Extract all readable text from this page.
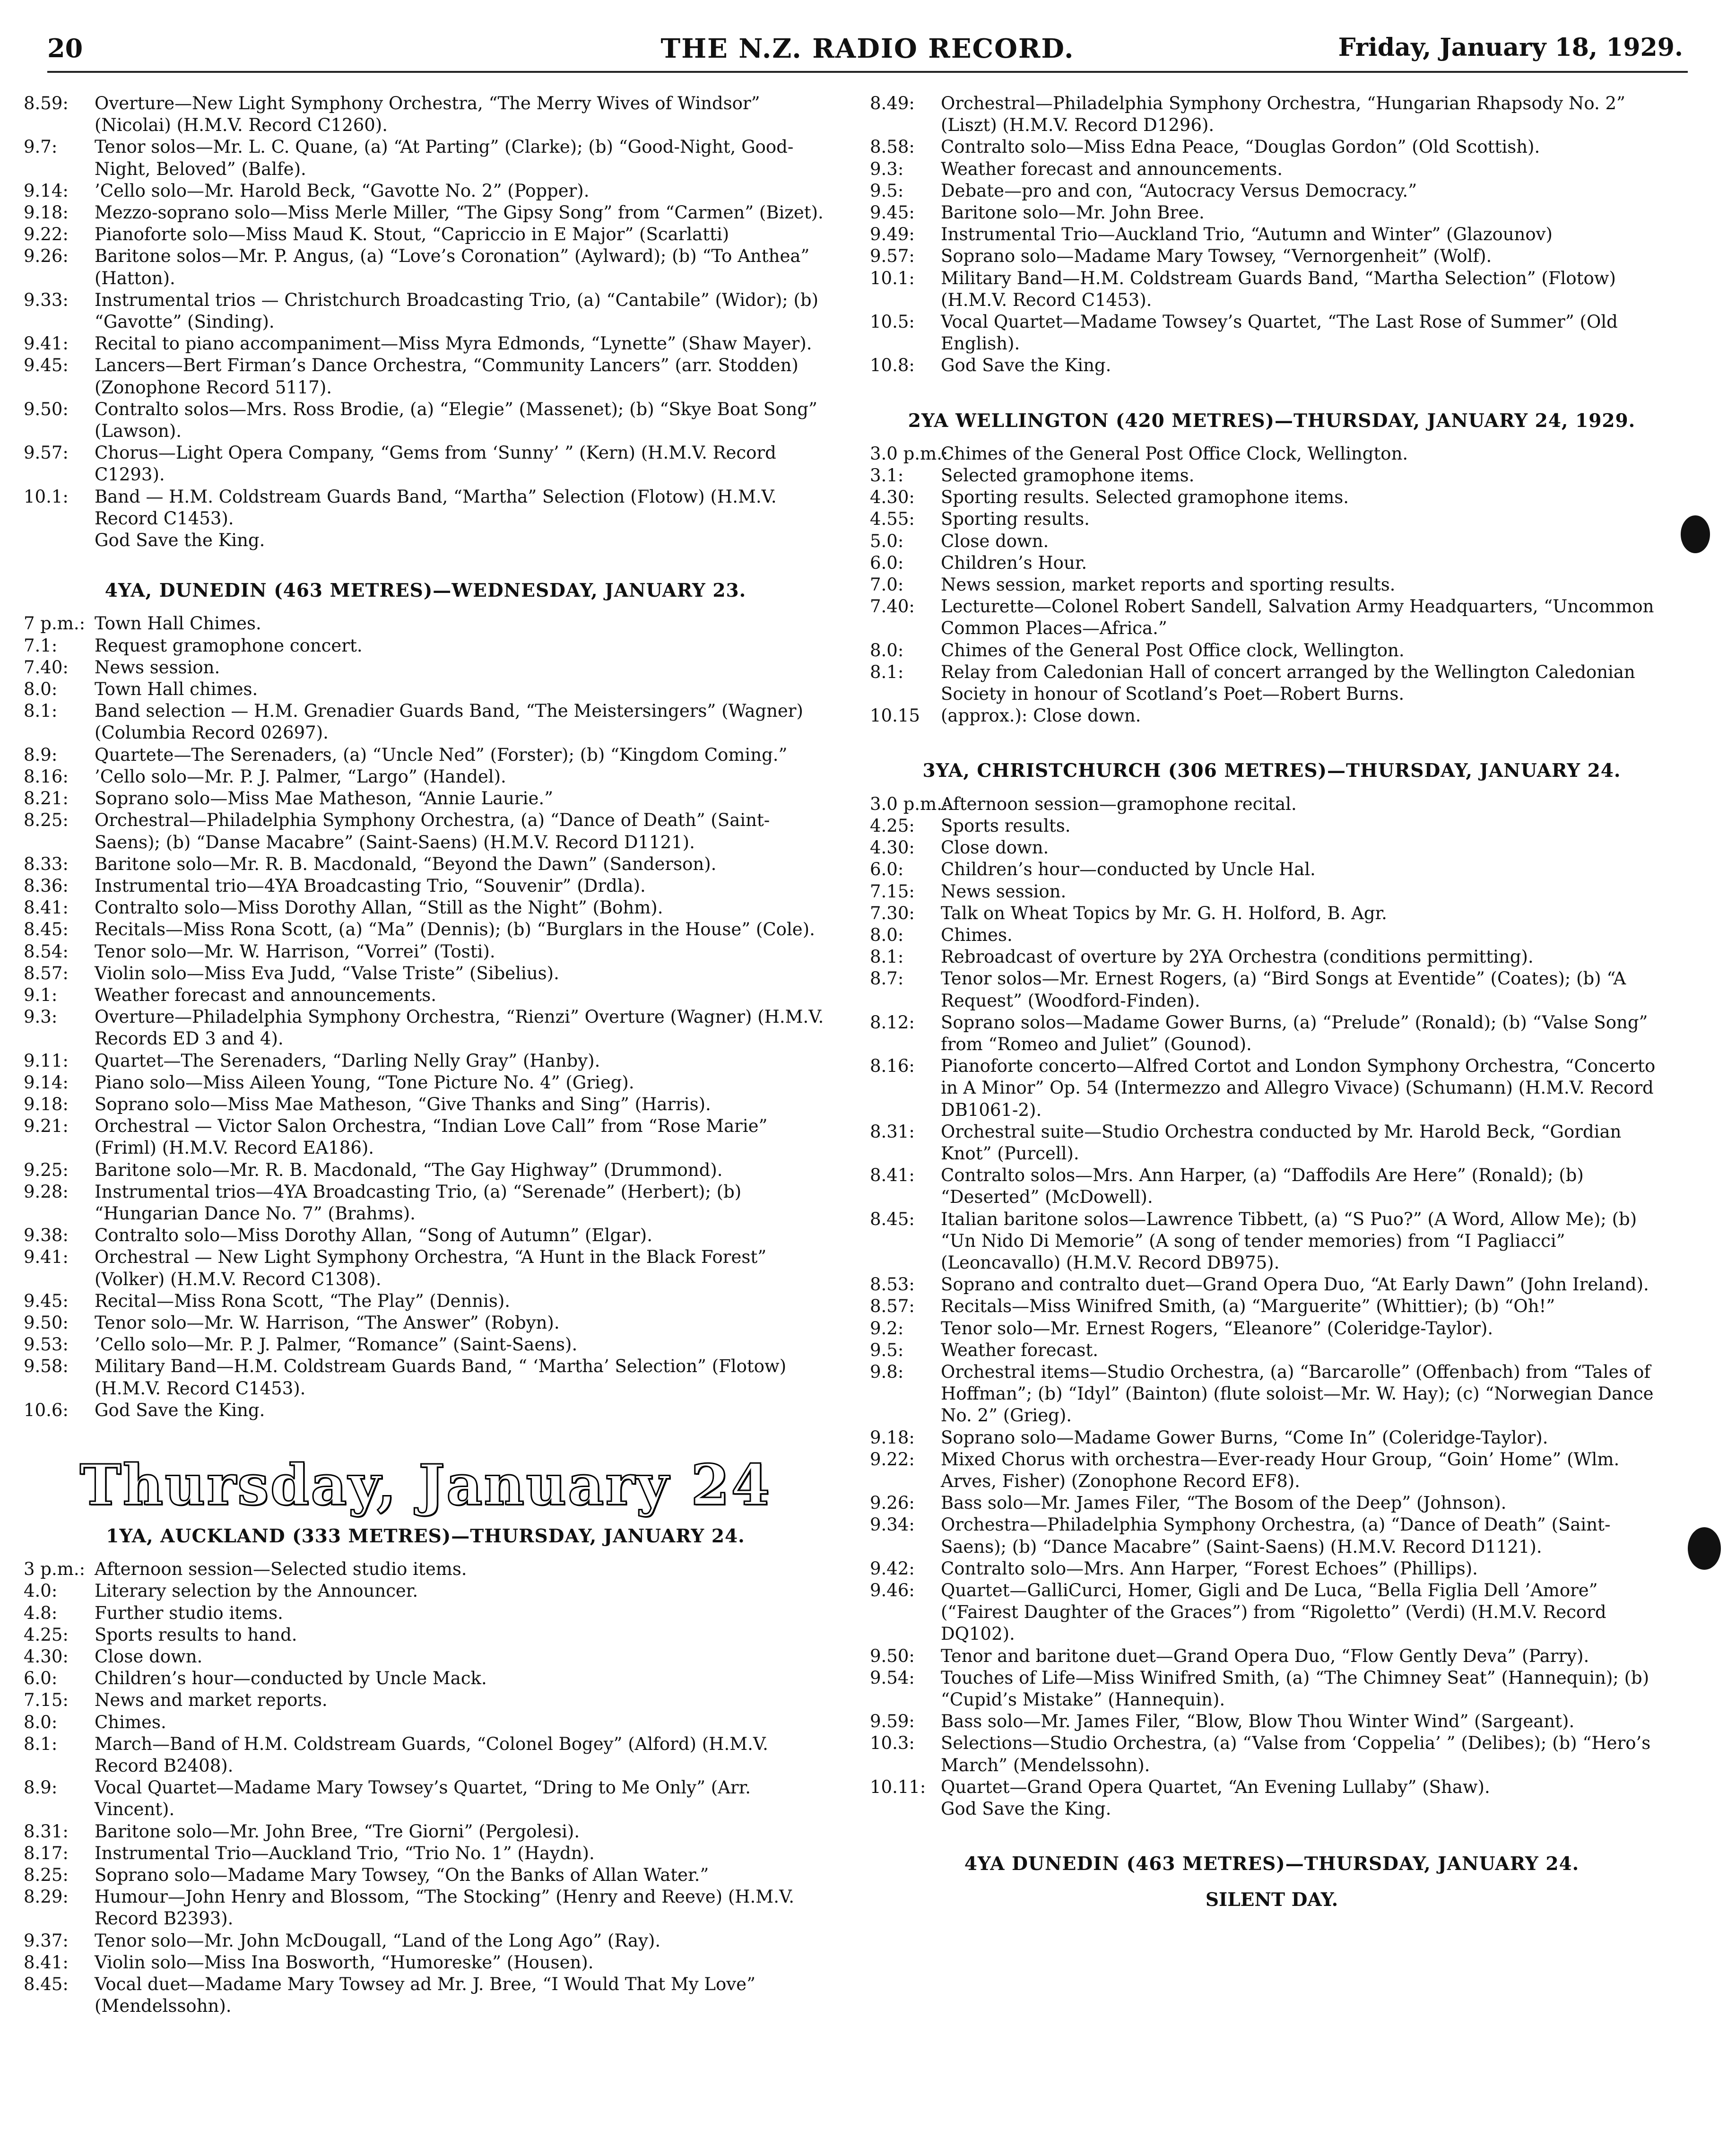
20	THE N.Z. RADIO RECORD.	Friday, January 18, 1929.
8.59: Overture—New Light Symphony Orchestra, “The Merry Wives of Windsor” (Nicolai) (H.M.V. Record C1260).
9.7: Tenor solos—Mr. L. C. Quane, (a) “At Parting” (Clarke); (b) “Good-Night, Good-Night, Beloved” (Balfe).
9.14: ’Cello solo—Mr. Harold Beck, “Gavotte No. 2” (Popper).
9.18: Mezzo-soprano solo—Miss Merle Miller, “The Gipsy Song” from “Carmen” (Bizet).
9.22: Pianoforte solo—Miss Maud K. Stout, “Capriccio in E Major” (Scarlatti)
9.26: Baritone solos—Mr. P. Angus, (a) “Love’s Coronation” (Aylward); (b) “To Anthea” (Hatton).
9.33: Instrumental trios — Christchurch Broadcasting Trio, (a) “Cantabile” (Widor); (b) “Gavotte” (Sinding).
9.41: Recital to piano accompaniment—Miss Myra Edmonds, “Lynette” (Shaw Mayer).
9.45: Lancers—Bert Firman’s Dance Orchestra, “Community Lancers” (arr. Stodden) (Zonophone Record 5117).
9.50: Contralto solos—Mrs. Ross Brodie, (a) “Elegie” (Massenet); (b) “Skye Boat Song” (Lawson).
9.57: Chorus—Light Opera Company, “Gems from ‘Sunny’ ” (Kern) (H.M.V. Record C1293).
10.1: Band — H.M. Coldstream Guards Band, “Martha” Selection (Flotow) (H.M.V. Record C1453).
God Save the King.
4YA, DUNEDIN (463 METRES)—WEDNESDAY, JANUARY 23.
7 p.m.: Town Hall Chimes.
7.1: Request gramophone concert.
7.40: News session.
8.0: Town Hall chimes.
8.1: Band selection — H.M. Grenadier Guards Band, “The Meistersingers” (Wagner) (Columbia Record 02697).
8.9: Quartete—The Serenaders, (a) “Uncle Ned” (Forster); (b) “Kingdom Coming.”
8.16: ’Cello solo—Mr. P. J. Palmer, “Largo” (Handel).
8.21: Soprano solo—Miss Mae Matheson, “Annie Laurie.”
8.25: Orchestral—Philadelphia Symphony Orchestra, (a) “Dance of Death” (Saint-Saens); (b) “Danse Macabre” (Saint-Saens) (H.M.V. Record D1121).
8.33: Baritone solo—Mr. R. B. Macdonald, “Beyond the Dawn” (Sanderson).
8.36: Instrumental trio—4YA Broadcasting Trio, “Souvenir” (Drdla).
8.41: Contralto solo—Miss Dorothy Allan, “Still as the Night” (Bohm).
8.45: Recitals—Miss Rona Scott, (a) “Ma” (Dennis); (b) “Burglars in the House” (Cole).
8.54: Tenor solo—Mr. W. Harrison, “Vorrei” (Tosti).
8.57: Violin solo—Miss Eva Judd, “Valse Triste” (Sibelius).
9.1: Weather forecast and announcements.
9.3: Overture—Philadelphia Symphony Orchestra, “Rienzi” Overture (Wagner) (H.M.V. Records ED 3 and 4).
9.11: Quartet—The Serenaders, “Darling Nelly Gray” (Hanby).
9.14: Piano solo—Miss Aileen Young, “Tone Picture No. 4” (Grieg).
9.18: Soprano solo—Miss Mae Matheson, “Give Thanks and Sing” (Harris).
9.21: Orchestral — Victor Salon Orchestra, “Indian Love Call” from “Rose Marie” (Friml) (H.M.V. Record EA186).
9.25: Baritone solo—Mr. R. B. Macdonald, “The Gay Highway” (Drummond).
9.28: Instrumental trios—4YA Broadcasting Trio, (a) “Serenade” (Herbert); (b) “Hungarian Dance No. 7” (Brahms).
9.38: Contralto solo—Miss Dorothy Allan, “Song of Autumn” (Elgar).
9.41: Orchestral — New Light Symphony Orchestra, “A Hunt in the Black Forest” (Volker) (H.M.V. Record C1308).
9.45: Recital—Miss Rona Scott, “The Play” (Dennis).
9.50: Tenor solo—Mr. W. Harrison, “The Answer” (Robyn).
9.53: ’Cello solo—Mr. P. J. Palmer, “Romance” (Saint-Saens).
9.58: Military Band—H.M. Coldstream Guards Band, “ ‘Martha’ Selection” (Flotow) (H.M.V. Record C1453).
10.6: God Save the King.
Thursday, January 24
1YA, AUCKLAND (333 METRES)—THURSDAY, JANUARY 24.
3 p.m.: Afternoon session—Selected studio items.
4.0: Literary selection by the Announcer.
4.8: Further studio items.
4.25: Sports results to hand.
4.30: Close down.
6.0: Children’s hour—conducted by Uncle Mack.
7.15: News and market reports.
8.0: Chimes.
8.1: March—Band of H.M. Coldstream Guards, “Colonel Bogey” (Alford) (H.M.V. Record B2408).
8.9: Vocal Quartet—Madame Mary Towsey’s Quartet, “Dring to Me Only” (Arr. Vincent).
8.31: Baritone solo—Mr. John Bree, “Tre Giorni” (Pergolesi).
8.17: Instrumental Trio—Auckland Trio, “Trio No. 1” (Haydn).
8.25: Soprano solo—Madame Mary Towsey, “On the Banks of Allan Water.”
8.29: Humour—John Henry and Blossom, “The Stocking” (Henry and Reeve) (H.M.V. Record B2393).
9.37: Tenor solo—Mr. John McDougall, “Land of the Long Ago” (Ray).
8.41: Violin solo—Miss Ina Bosworth, “Humoreske” (Housen).
8.45: Vocal duet—Madame Mary Towsey ad Mr. J. Bree, “I Would That My Love” (Mendelssohn).
8.49: Orchestral—Philadelphia Symphony Orchestra, “Hungarian Rhapsody No. 2” (Liszt) (H.M.V. Record D1296).
8.58: Contralto solo—Miss Edna Peace, “Douglas Gordon” (Old Scottish).
9.3: Weather forecast and announcements.
9.5: Debate—pro and con, “Autocracy Versus Democracy.”
9.45: Baritone solo—Mr. John Bree.
9.49: Instrumental Trio—Auckland Trio, “Autumn and Winter” (Glazounov)
9.57: Soprano solo—Madame Mary Towsey, “Vernorgenheit” (Wolf).
10.1: Military Band—H.M. Coldstream Guards Band, “Martha Selection” (Flotow) (H.M.V. Record C1453).
10.5: Vocal Quartet—Madame Towsey’s Quartet, “The Last Rose of Summer” (Old English).
10.8: God Save the King.
2YA WELLINGTON (420 METRES)—THURSDAY, JANUARY 24, 1929.
3.0 p.m.:
Chimes of the General Post Office Clock, Wellington.
3.1: Selected gramophone items.
4.30: Sporting results. Selected gramophone items.
4.55: Sporting results.
5.0: Close down.
6.0: Children’s Hour.
7.0: News session, market reports and sporting results.
7.40: Lecturette—Colonel Robert Sandell, Salvation Army Headquarters, “Uncommon Common Places—Africa.”
8.0: Chimes of the General Post Office clock, Wellington.
8.1: Relay from Caledonian Hall of concert arranged by the Wellington Caledonian Society in honour of Scotland’s Poet—Robert Burns.
10.15 (approx.): Close down.
3YA, CHRISTCHURCH (306 METRES)—THURSDAY, JANUARY 24.
3.0 p.m.:
Afternoon session—gramophone recital.
4.25: Sports results.
4.30: Close down.
6.0: Children’s hour—conducted by Uncle Hal.
7.15: News session.
7.30: Talk on Wheat Topics by Mr. G. H. Holford, B. Agr.
8.0: Chimes.
8.1: Rebroadcast of overture by 2YA Orchestra (conditions permitting).
8.7: Tenor solos—Mr. Ernest Rogers, (a) “Bird Songs at Eventide” (Coates); (b) “A Request” (Woodford-Finden).
8.12: Soprano solos—Madame Gower Burns, (a) “Prelude” (Ronald); (b) “Valse Song” from “Romeo and Juliet” (Gounod).
8.16: Pianoforte concerto—Alfred Cortot and London Symphony Orchestra, “Concerto in A Minor” Op. 54 (Intermezzo and Allegro Vivace) (Schumann) (H.M.V. Record DB1061-2).
8.31: Orchestral suite—Studio Orchestra conducted by Mr. Harold Beck, “Gordian Knot” (Purcell).
8.41: Contralto solos—Mrs. Ann Harper, (a) “Daffodils Are Here” (Ronald); (b) “Deserted” (McDowell).
8.45: Italian baritone solos—Lawrence Tibbett, (a) “S Puo?” (A Word, Allow Me); (b) “Un Nido Di Memorie” (A song of tender memories) from “I Pagliacci” (Leoncavallo) (H.M.V. Record DB975).
8.53: Soprano and contralto duet—Grand Opera Duo, “At Early Dawn” (John Ireland).
8.57: Recitals—Miss Winifred Smith, (a) “Marguerite” (Whittier); (b) “Oh!”
9.2: Tenor solo—Mr. Ernest Rogers, “Eleanore” (Coleridge-Taylor).
9.5: Weather forecast.
9.8: Orchestral items—Studio Orchestra, (a) “Barcarolle” (Offenbach) from “Tales of Hoffman”; (b) “Idyl” (Bainton) (flute soloist—Mr. W. Hay); (c) “Norwegian Dance No. 2” (Grieg).
9.18: Soprano solo—Madame Gower Burns, “Come In” (Coleridge-Taylor).
9.22: Mixed Chorus with orchestra—Ever-ready Hour Group, “Goin’ Home” (Wlm. Arves, Fisher) (Zonophone Record EF8).
9.26: Bass solo—Mr. James Filer, “The Bosom of the Deep” (Johnson).
9.34: Orchestra—Philadelphia Symphony Orchestra, (a) “Dance of Death” (Saint-Saens); (b) “Dance Macabre” (Saint-Saens) (H.M.V. Record D1121).
9.42: Contralto solo—Mrs. Ann Harper, “Forest Echoes” (Phillips).
9.46: Quartet—GalliCurci, Homer, Gigli and De Luca, “Bella Figlia Dell ’Amore” (“Fairest Daughter of the Graces”) from “Rigoletto” (Verdi) (H.M.V. Record DQ102).
9.50: Tenor and baritone duet—Grand Opera Duo, “Flow Gently Deva” (Parry).
9.54: Touches of Life—Miss Winifred Smith, (a) “The Chimney Seat” (Hannequin); (b) “Cupid’s Mistake” (Hannequin).
9.59: Bass solo—Mr. James Filer, “Blow, Blow Thou Winter Wind” (Sargeant).
10.3: Selections—Studio Orchestra, (a) “Valse from ‘Coppelia’ ” (Delibes); (b) “Hero’s March” (Mendelssohn).
10.11: Quartet—Grand Opera Quartet, “An Evening Lullaby” (Shaw).
God Save the King.
4YA DUNEDIN (463 METRES)—THURSDAY, JANUARY 24.
SILENT DAY.
